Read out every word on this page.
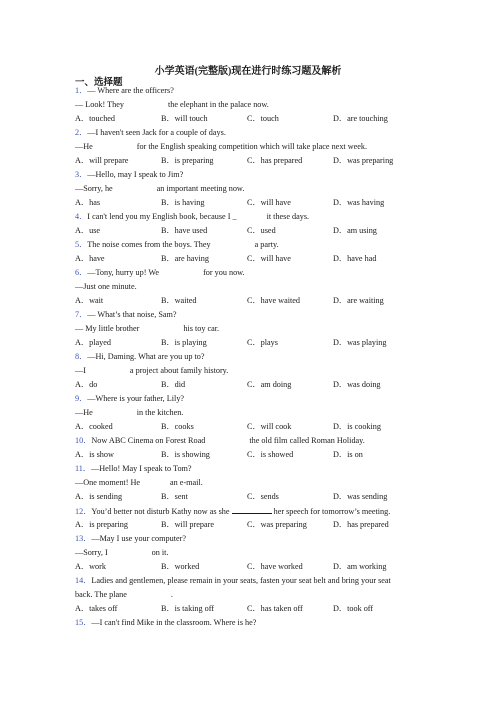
小学英语(完整版)现在进行时练习题及解析
一、选择题
1．— Where are the officers?
— Look! They	the elephant in the palace now.
A．touched	B．will touch	C．touch	D．are touching
2．—I haven't seen Jack for a couple of days.
—He	for the English speaking competition which will take place next week.
A．will prepare	B．is preparing	C．has prepared	D．was preparing
3．—Hello, may I speak to Jim?
—Sorry, he	an important meeting now.
A．has	B．is having	C．will have	D．was having
4．I can't lend you my English book, because I _	it these days.
A．use	B．have used	C．used	D．am using
5．The noise comes from the boys. They	a party.
A．have	B．are having	C．will have	D．have had
6．—Tony, hurry up! We	for you now.
—Just one minute.
A．wait	B．waited	C．have waited	D．are waiting
7．— What’s that noise, Sam?
— My little brother	his toy car.
A．played	B．is playing	C．plays	D．was playing
8．—Hi, Daming. What are you up to?
—I	a project about family history.
A．do	B．did	C．am doing	D．was doing
9．—Where is your father, Lily?
—He	in the kitchen.
A．cooked	B．cooks	C．will cook	D．is cooking
10．Now ABC Cinema on Forest Road	the old film called Roman Holiday.
A．is show	B．is showing	C．is showed	D．is on
11．—Hello! May I speak to Tom?
—One moment! He	an e-mail.
A．is sending	B．sent	C．sends	D．was sending
12．You’d better not disturb Kathy now as she	her speech for tomorrow’s meeting.
A．is preparing	B．will prepare	C．was preparing	D．has prepared
13．—May I use your computer?
—Sorry, I	on it.
A．work	B．worked	C．have worked	D．am working
14．Ladies and gentlemen, please remain in your seats, fasten your seat belt and bring your seat
back. The plane	.
A．takes off	B．is taking off	C．has taken off	D．took off
15．—I can't find Mike in the classroom. Where is he?
